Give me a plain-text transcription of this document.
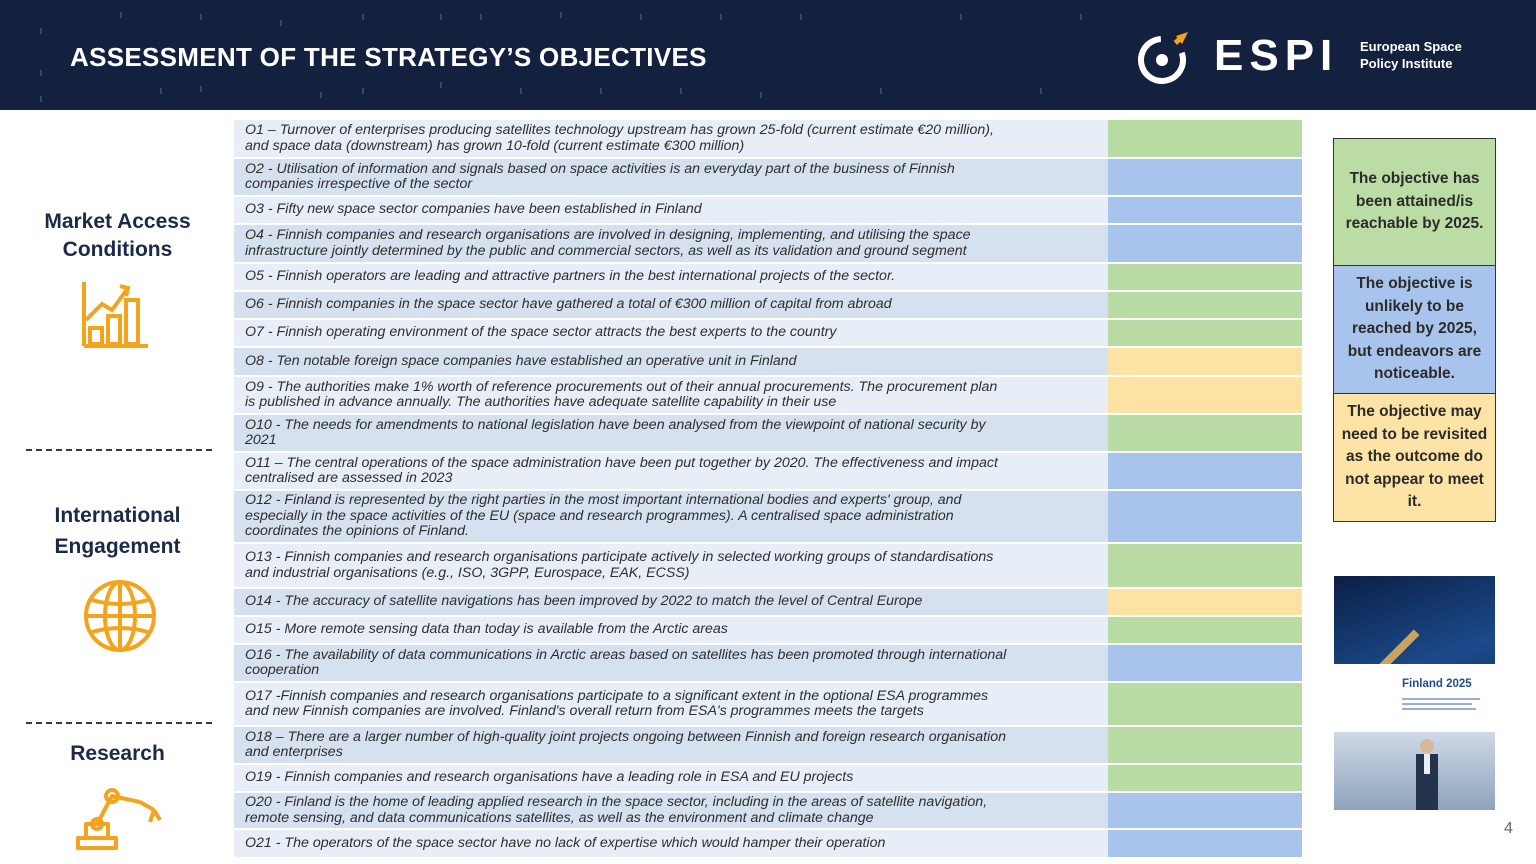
ASSESSMENT OF THE STRATEGY’S OBJECTIVES	ESPI European Space
Policy Institute
Market Access
Conditions
International
Engagement
Research
O1 – Turnover of enterprises producing satellites technology upstream has grown 25-fold (current estimate €20 million),
and space data (downstream) has grown 10-fold (current estimate €300 million)
O2 - Utilisation of information and signals based on space activities is an everyday part of the business of Finnish
companies irrespective of the sector
O3 - Fifty new space sector companies have been established in Finland
O4 - Finnish companies and research organisations are involved in designing, implementing, and utilising the space
infrastructure jointly determined by the public and commercial sectors, as well as its validation and ground segment
O5 - Finnish operators are leading and attractive partners in the best international projects of the sector.
O6 - Finnish companies in the space sector have gathered a total of €300 million of capital from abroad
O7 - Finnish operating environment of the space sector attracts the best experts to the country
O8 - Ten notable foreign space companies have established an operative unit in Finland
O9 - The authorities make 1% worth of reference procurements out of their annual procurements. The procurement plan
is published in advance annually. The authorities have adequate satellite capability in their use
O10 - The needs for amendments to national legislation have been analysed from the viewpoint of national security by
2021
O11 – The central operations of the space administration have been put together by 2020. The effectiveness and impact
centralised are assessed in 2023
O12 - Finland is represented by the right parties in the most important international bodies and experts' group, and
especially in the space activities of the EU (space and research programmes). A centralised space administration
coordinates the opinions of Finland.
O13 - Finnish companies and research organisations participate actively in selected working groups of standardisations
and industrial organisations (e.g., ISO, 3GPP, Eurospace, EAK, ECSS)
O14 - The accuracy of satellite navigations has been improved by 2022 to match the level of Central Europe
O15 - More remote sensing data than today is available from the Arctic areas
O16 - The availability of data communications in Arctic areas based on satellites has been promoted through international
cooperation
O17 -Finnish companies and research organisations participate to a significant extent in the optional ESA programmes
and new Finnish companies are involved. Finland's overall return from ESA's programmes meets the targets
O18 – There are a larger number of high-quality joint projects ongoing between Finnish and foreign research organisation
and enterprises
O19 - Finnish companies and research organisations have a leading role in ESA and EU projects
O20 - Finland is the home of leading applied research in the space sector, including in the areas of satellite navigation,
remote sensing, and data communications satellites, as well as the environment and climate change
O21 - The operators of the space sector have no lack of expertise which would hamper their operation
The objective has been attained/is reachable by 2025.
The objective is unlikely to be reached by 2025, but endeavors are noticeable.
The objective may need to be revisited as the outcome do not appear to meet it.
Finland 2025
4
